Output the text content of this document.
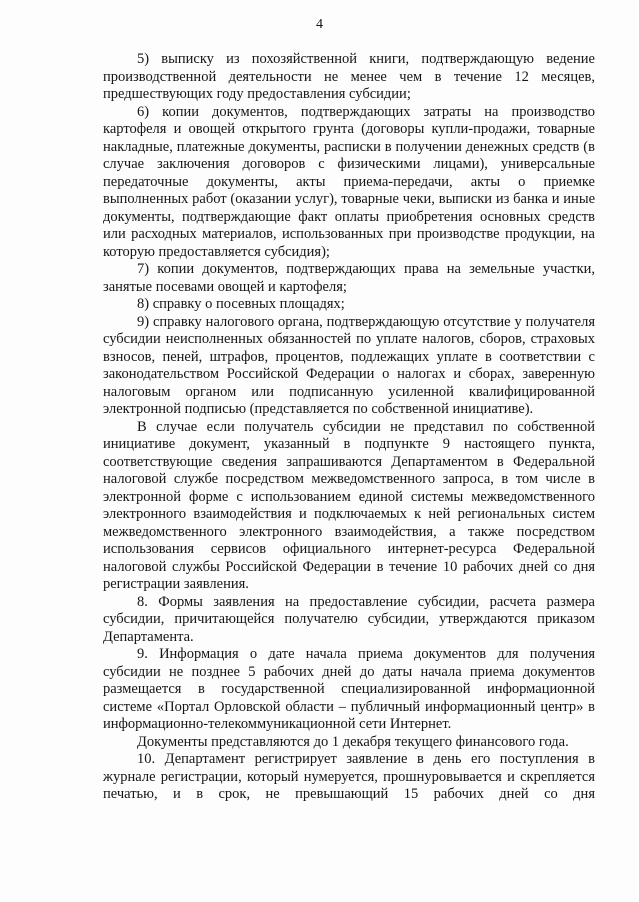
4

5) выписку из похозяйственной книги, подтверждающую ведение производственной деятельности не менее чем в течение 12 месяцев, предшествующих году предоставления субсидии;

6) копии документов, подтверждающих затраты на производство картофеля и овощей открытого грунта (договоры купли-продажи, товарные накладные, платежные документы, расписки в получении денежных средств (в случае заключения договоров с физическими лицами), универсальные передаточные документы, акты приема-передачи, акты о приемке выполненных работ (оказании услуг), товарные чеки, выписки из банка и иные документы, подтверждающие факт оплаты приобретения основных средств или расходных материалов, использованных при производстве продукции, на которую предоставляется субсидия);

7) копии документов, подтверждающих права на земельные участки, занятые посевами овощей и картофеля;

8) справку о посевных площадях;

9) справку налогового органа, подтверждающую отсутствие у получателя субсидии неисполненных обязанностей по уплате налогов, сборов, страховых взносов, пеней, штрафов, процентов, подлежащих уплате в соответствии с законодательством Российской Федерации о налогах и сборах, заверенную налоговым органом или подписанную усиленной квалифицированной электронной подписью (представляется по собственной инициативе).

В случае если получатель субсидии не представил по собственной инициативе документ, указанный в подпункте 9 настоящего пункта, соответствующие сведения запрашиваются Департаментом в Федеральной налоговой службе посредством межведомственного запроса, в том числе в электронной форме с использованием единой системы межведомственного электронного взаимодействия и подключаемых к ней региональных систем межведомственного электронного взаимодействия, а также посредством использования сервисов официального интернет-ресурса Федеральной налоговой службы Российской Федерации в течение 10 рабочих дней со дня регистрации заявления.

8. Формы заявления на предоставление субсидии, расчета размера субсидии, причитающейся получателю субсидии, утверждаются приказом Департамента.

9. Информация о дате начала приема документов для получения субсидии не позднее 5 рабочих дней до даты начала приема документов размещается в государственной специализированной информационной системе «Портал Орловской области – публичный информационный центр» в информационно-телекоммуникационной сети Интернет.

Документы представляются до 1 декабря текущего финансового года.

10. Департамент регистрирует заявление в день его поступления в журнале регистрации, который нумеруется, прошнуровывается и скрепляется печатью, и в срок, не превышающий 15 рабочих дней со дня
